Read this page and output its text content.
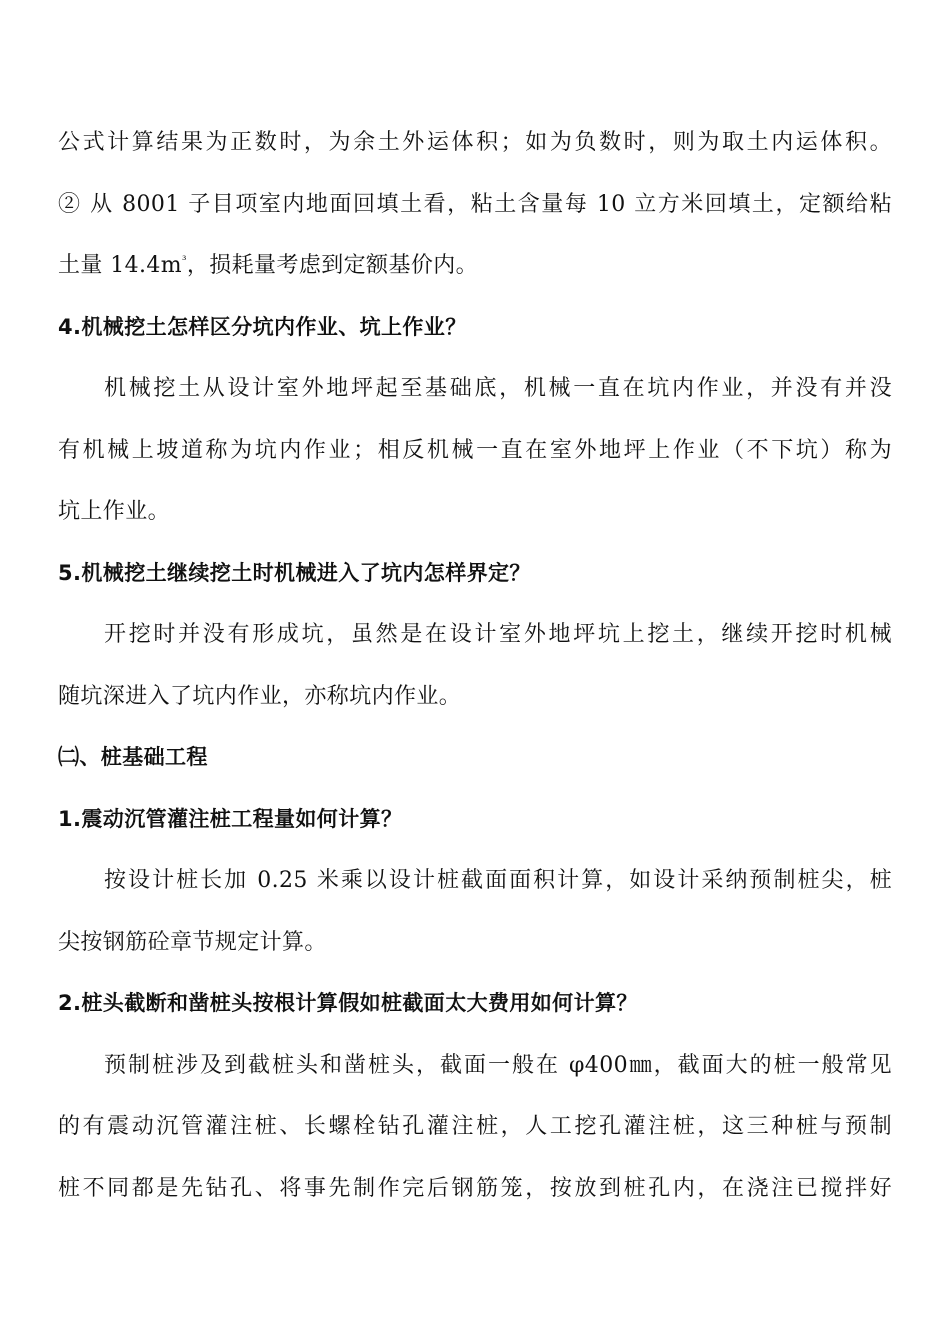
公式计算结果为正数时，为余土外运体积；如为负数时，则为取土内运体积。
② 从 8001 子目项室内地面回填土看，粘土含量每 10 立方米回填土，定额给粘
土量 $14.4m^{^3}$，损耗量考虑到定额基价内。
4.机械挖土怎样区分坑内作业、坑上作业？
机械挖土从设计室外地坪起至基础底，机械一直在坑内作业，并没有并没
有机械上坡道称为坑内作业；相反机械一直在室外地坪上作业（不下坑）称为
坑上作业。
5.机械挖土继续挖土时机械进入了坑内怎样界定？
开挖时并没有形成坑，虽然是在设计室外地坪坑上挖土，继续开挖时机械
随坑深进入了坑内作业，亦称坑内作业。
㈡、桩基础工程
1.震动沉管灌注桩工程量如何计算？
按设计桩长加 0.25 米乘以设计桩截面面积计算，如设计采纳预制桩尖，桩
尖按钢筋砼章节规定计算。
2.桩头截断和凿桩头按根计算假如桩截面太大费用如何计算？
预制桩涉及到截桩头和凿桩头，截面一般在 φ400㎜，截面大的桩一般常见
的有震动沉管灌注桩、长螺栓钻孔灌注桩，人工挖孔灌注桩，这三种桩与预制
桩不同都是先钻孔、将事先制作完后钢筋笼，按放到桩孔内，在浇注已搅拌好
